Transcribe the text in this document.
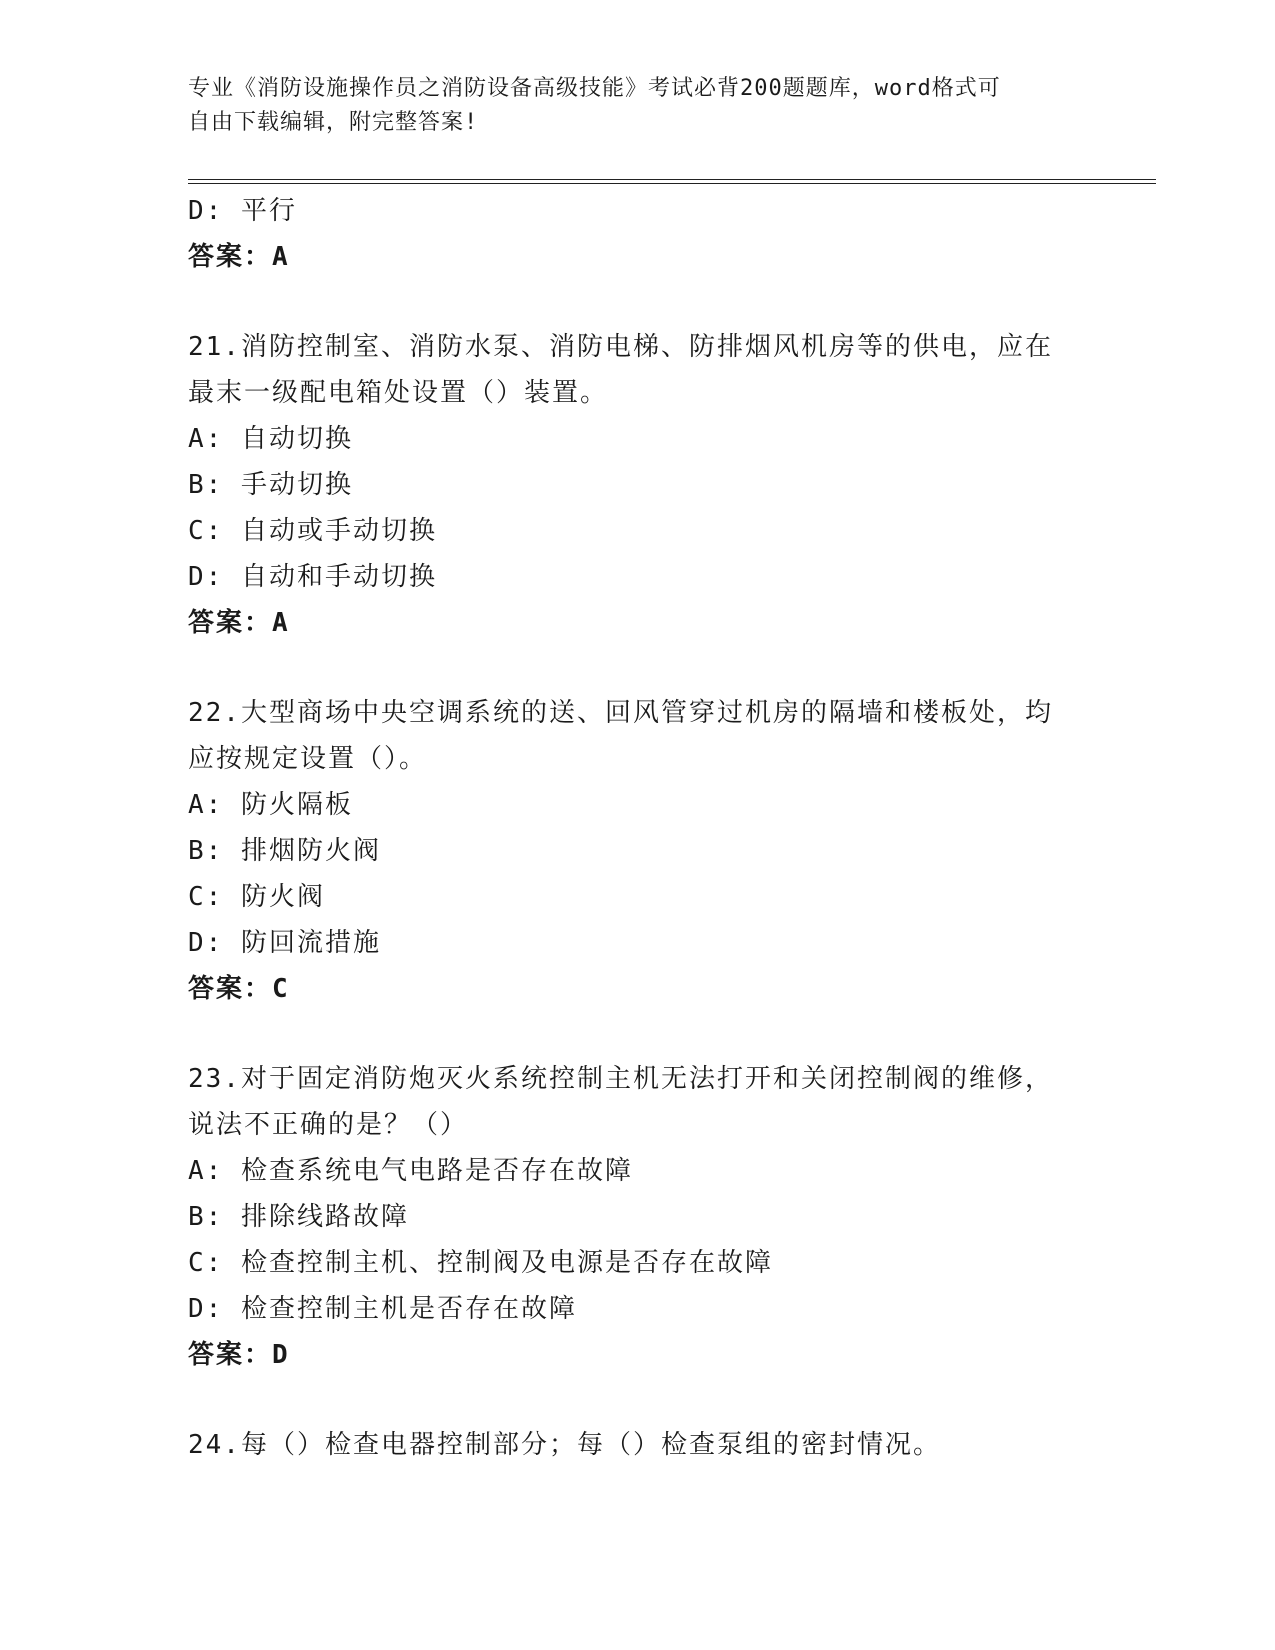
专业《消防设施操作员之消防设备高级技能》考试必背200题题库，word格式可
自由下载编辑，附完整答案!
D: 平行
答案：A
21.消防控制室、消防水泵、消防电梯、防排烟风机房等的供电，应在
最末一级配电箱处设置（）装置。
A: 自动切换
B: 手动切换
C: 自动或手动切换
D: 自动和手动切换
答案：A
22.大型商场中央空调系统的送、回风管穿过机房的隔墙和楼板处，均
应按规定设置（）。
A: 防火隔板
B: 排烟防火阀
C: 防火阀
D: 防回流措施
答案：C
23.对于固定消防炮灭火系统控制主机无法打开和关闭控制阀的维修，
说法不正确的是？（）
A: 检查系统电气电路是否存在故障
B: 排除线路故障
C: 检查控制主机、控制阀及电源是否存在故障
D: 检查控制主机是否存在故障
答案：D
24.每（）检查电器控制部分；每（）检查泵组的密封情况。
